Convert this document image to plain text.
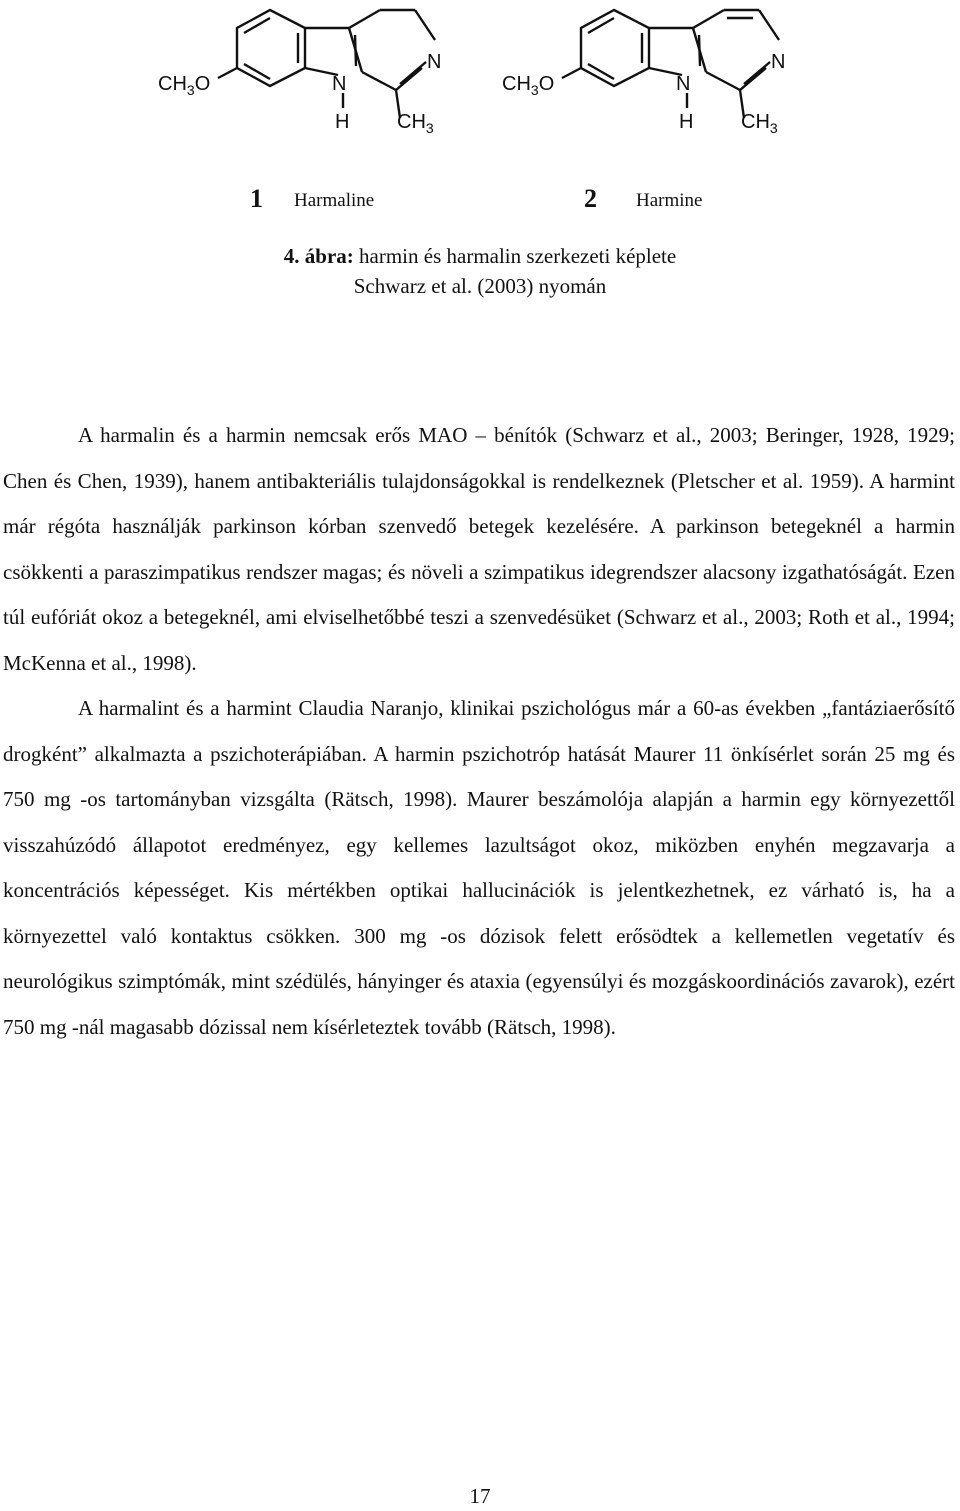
$CH_3O$	N
N
H $CH_3$
$CH_3O$	N
N
H $CH_3$
1 Harmaline	2 Harmine
4. ábra: harmin és harmalin szerkezeti képlete
Schwarz et al. (2003) nyomán

A harmalin és a harmin nemcsak erős MAO – bénítók (Schwarz et al., 2003; Beringer, 1928, 1929; Chen és Chen, 1939), hanem antibakteriális tulajdonságokkal is rendelkeznek (Pletscher et al. 1959). A harmint már régóta használják parkinson kórban szenvedő betegek kezelésére. A parkinson betegeknél a harmin csökkenti a paraszimpatikus rendszer magas; és növeli a szimpatikus idegrendszer alacsony izgathatóságát. Ezen túl eufóriát okoz a betegeknél, ami elviselhetőbbé teszi a szenvedésüket (Schwarz et al., 2003; Roth et al., 1994; McKenna et al., 1998).

A harmalint és a harmint Claudia Naranjo, klinikai pszichológus már a 60-as években „fantáziaerősítő drogként” alkalmazta a pszichoterápiában. A harmin pszichotróp hatását Maurer 11 önkísérlet során 25 mg és 750 mg -os tartományban vizsgálta (Rätsch, 1998). Maurer beszámolója alapján a harmin egy környezettől visszahúzódó állapotot eredményez, egy kellemes lazultságot okoz, miközben enyhén megzavarja a koncentrációs képességet. Kis mértékben optikai hallucinációk is jelentkezhetnek, ez várható is, ha a környezettel való kontaktus csökken. 300 mg -os dózisok felett erősödtek a kellemetlen vegetatív és neurológikus szimptómák, mint szédülés, hányinger és ataxia (egyensúlyi és mozgáskoordinációs zavarok), ezért 750 mg -nál magasabb dózissal nem kísérleteztek tovább (Rätsch, 1998).

17
